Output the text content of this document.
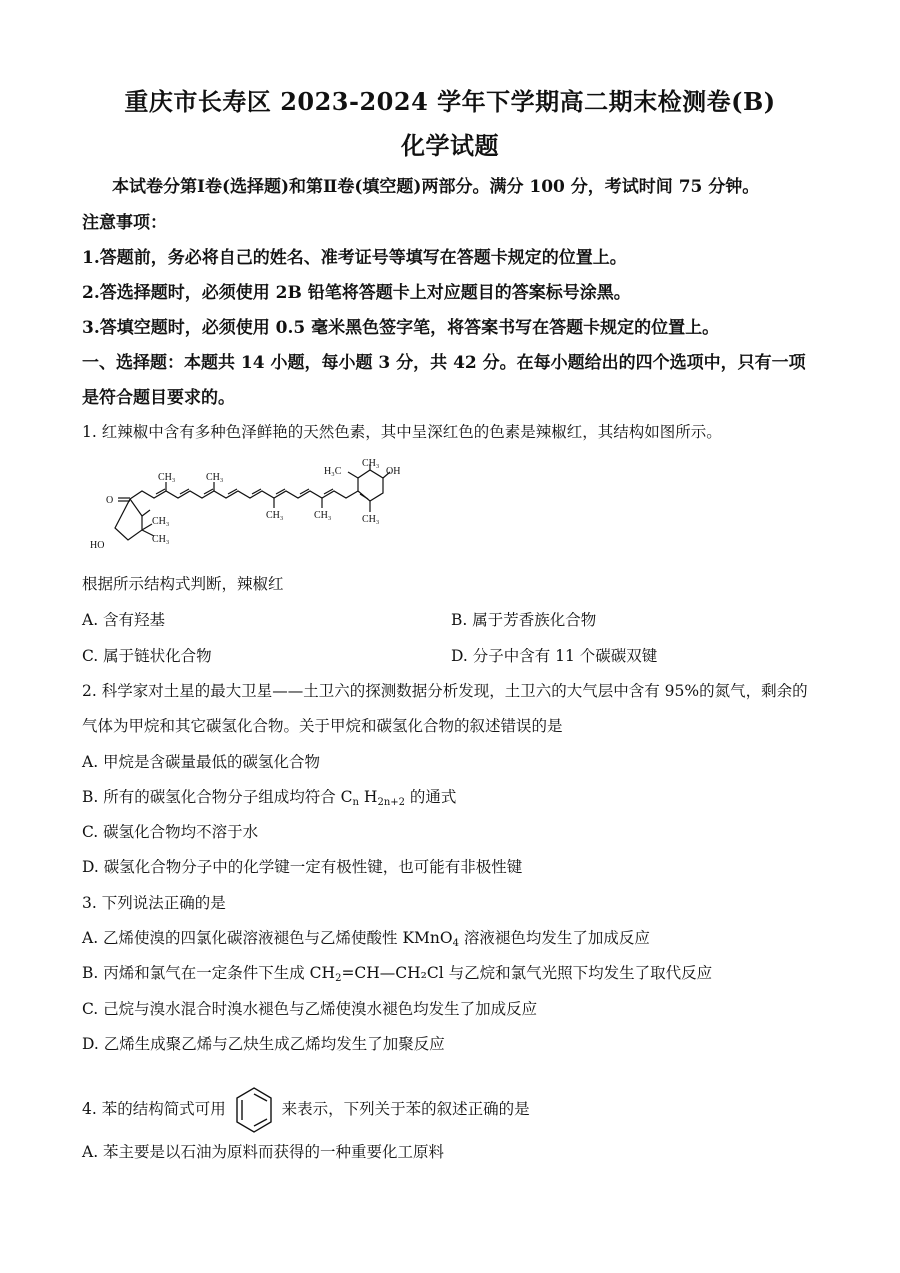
重庆市长寿区 2023-2024 学年下学期高二期末检测卷(B)
化学试题
本试卷分第Ⅰ卷(选择题)和第Ⅱ卷(填空题)两部分。满分 100 分，考试时间 75 分钟。
注意事项：
1.答题前，务必将自己的姓名、准考证号等填写在答题卡规定的位置上。
2.答选择题时，必须使用 2B 铅笔将答题卡上对应题目的答案标号涂黑。
3.答填空题时，必须使用 0.5 毫米黑色签字笔，将答案书写在答题卡规定的位置上。
一、选择题：本题共 14 小题，每小题 3 分，共 42 分。在每小题给出的四个选项中，只有一项
是符合题目要求的。
1. 红辣椒中含有多种色泽鲜艳的天然色素，其中呈深红色的色素是辣椒红，其结构如图所示。
O
CH₃
CH₃
HO
CH₃	CH₃
CH₃	CH₃
H₃C
CH₃
OH
CH₃
根据所示结构式判断，辣椒红
A. 含有羟基	B. 属于芳香族化合物
C. 属于链状化合物	D. 分子中含有 11 个碳碳双键
2. 科学家对土星的最大卫星——土卫六的探测数据分析发现，土卫六的大气层中含有 95%的氮气，剩余的
气体为甲烷和其它碳氢化合物。关于甲烷和碳氢化合物的叙述错误的是
A. 甲烷是含碳量最低的碳氢化合物
B. 所有的碳氢化合物分子组成均符合 $C_n$ $H_{2n+2}$ 的通式
C. 碳氢化合物均不溶于水
D. 碳氢化合物分子中的化学键一定有极性键，也可能有非极性键
3. 下列说法正确的是
A. 乙烯使溴的四氯化碳溶液褪色与乙烯使酸性 KMnO$_4$ 溶液褪色均发生了加成反应
B. 丙烯和氯气在一定条件下生成 $CH_2=CH—CH_2Cl$ 与乙烷和氯气光照下均发生了取代反应
C. 己烷与溴水混合时溴水褪色与乙烯使溴水褪色均发生了加成反应
D. 乙烯生成聚乙烯与乙炔生成乙烯均发生了加聚反应
4. 苯的结构简式可用	来表示，下列关于苯的叙述正确的是
A. 苯主要是以石油为原料而获得的一种重要化工原料
